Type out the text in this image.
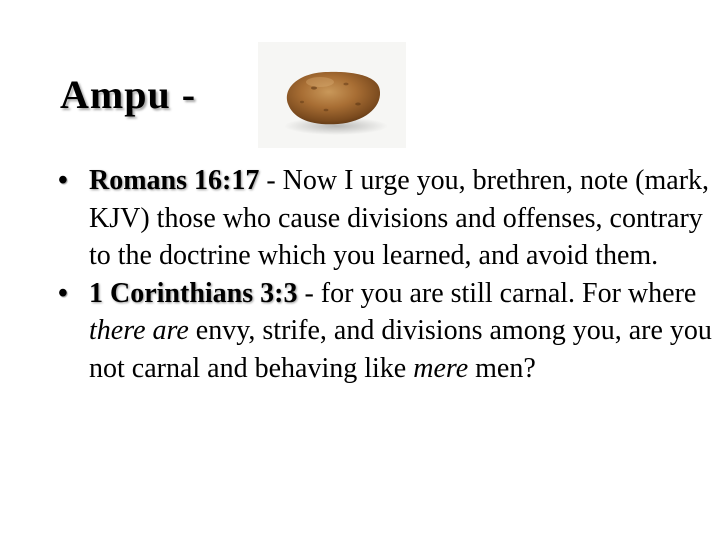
Ampu -
• Romans 16:17 - Now I urge you, brethren, note (mark, KJV) those who cause divisions and offenses, contrary to the doctrine which you learned, and avoid them.
• 1 Corinthians 3:3 - for you are still carnal. For where there are envy, strife, and divisions among you, are you not carnal and behaving like mere men?
